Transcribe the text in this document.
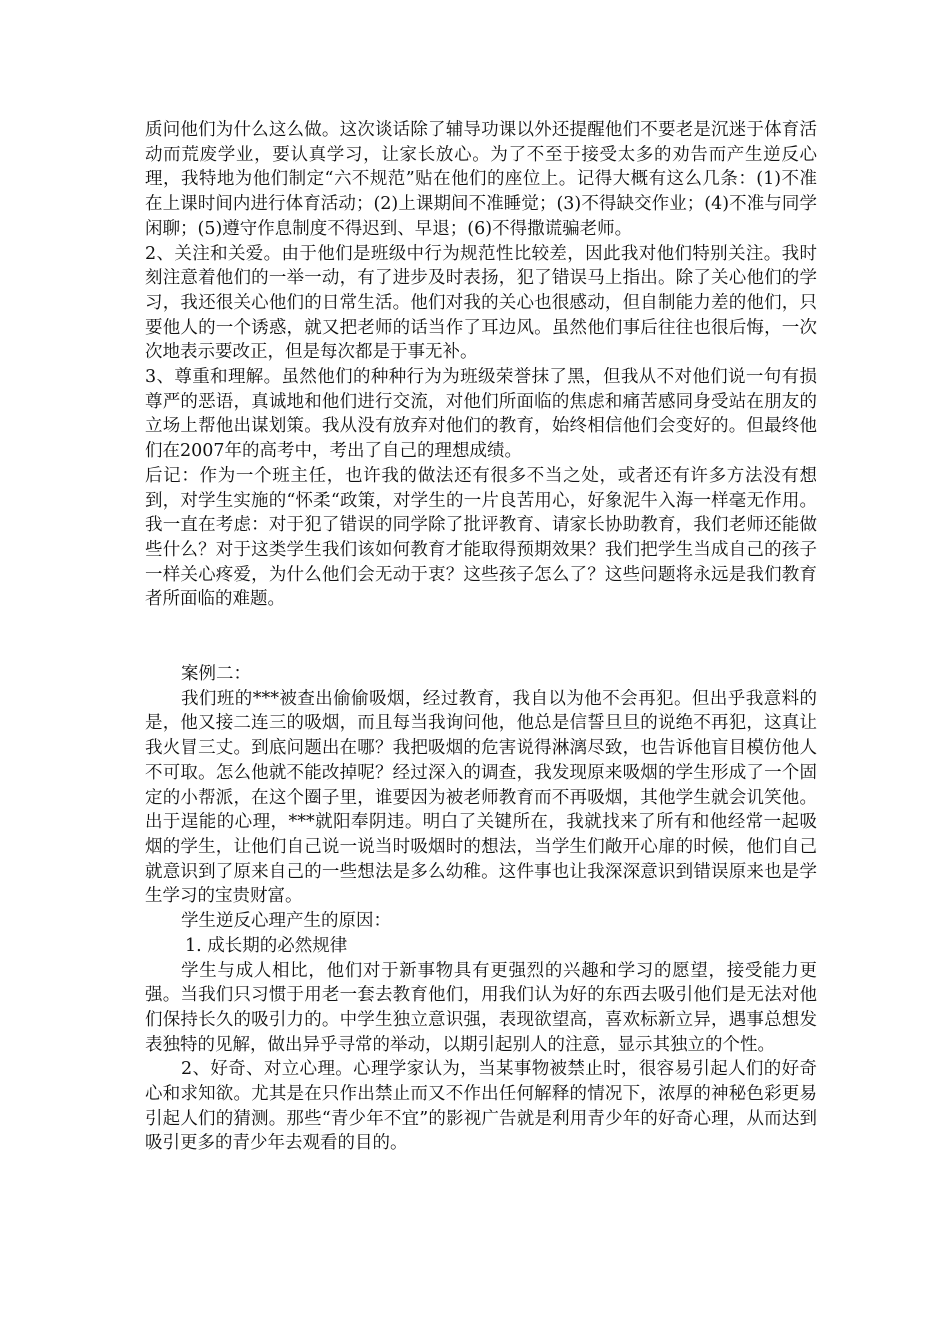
质问他们为什么这么做。这次谈话除了辅导功课以外还提醒他们不要老是沉迷于体育活动而荒废学业，要认真学习，让家长放心。为了不至于接受太多的劝告而产生逆反心理，我特地为他们制定“六不规范”贴在他们的座位上。记得大概有这么几条：(1)不准在上课时间内进行体育活动；(2)上课期间不准睡觉；(3)不得缺交作业；(4)不准与同学闲聊；(5)遵守作息制度不得迟到、早退；(6)不得撒谎骗老师。

2、关注和关爱。由于他们是班级中行为规范性比较差，因此我对他们特别关注。我时刻注意着他们的一举一动，有了进步及时表扬，犯了错误马上指出。除了关心他们的学习，我还很关心他们的日常生活。他们对我的关心也很感动，但自制能力差的他们，只要他人的一个诱惑，就又把老师的话当作了耳边风。虽然他们事后往往也很后悔，一次次地表示要改正，但是每次都是于事无补。

3、尊重和理解。虽然他们的种种行为为班级荣誉抹了黑，但我从不对他们说一句有损尊严的恶语，真诚地和他们进行交流，对他们所面临的焦虑和痛苦感同身受站在朋友的立场上帮他出谋划策。我从没有放弃对他们的教育，始终相信他们会变好的。但最终他们在2007年的高考中，考出了自己的理想成绩。

后记：作为一个班主任，也许我的做法还有很多不当之处，或者还有许多方法没有想到，对学生实施的“怀柔“政策，对学生的一片良苦用心，好象泥牛入海一样毫无作用。我一直在考虑：对于犯了错误的同学除了批评教育、请家长协助教育，我们老师还能做些什么？对于这类学生我们该如何教育才能取得预期效果？我们把学生当成自己的孩子一样关心疼爱，为什么他们会无动于衷？这些孩子怎么了？这些问题将永远是我们教育者所面临的难题。

案例二：

我们班的***被查出偷偷吸烟，经过教育，我自以为他不会再犯。但出乎我意料的是，他又接二连三的吸烟，而且每当我询问他，他总是信誓旦旦的说绝不再犯，这真让我火冒三丈。到底问题出在哪？我把吸烟的危害说得淋漓尽致，也告诉他盲目模仿他人不可取。怎么他就不能改掉呢？经过深入的调查，我发现原来吸烟的学生形成了一个固定的小帮派，在这个圈子里，谁要因为被老师教育而不再吸烟，其他学生就会讥笑他。出于逞能的心理，***就阳奉阴违。明白了关键所在，我就找来了所有和他经常一起吸烟的学生，让他们自己说一说当时吸烟时的想法，当学生们敞开心扉的时候，他们自己就意识到了原来自己的一些想法是多么幼稚。这件事也让我深深意识到错误原来也是学生学习的宝贵财富。

学生逆反心理产生的原因：

1. 成长期的必然规律

学生与成人相比，他们对于新事物具有更强烈的兴趣和学习的愿望，接受能力更强。当我们只习惯于用老一套去教育他们，用我们认为好的东西去吸引他们是无法对他们保持长久的吸引力的。中学生独立意识强，表现欲望高，喜欢标新立异，遇事总想发表独特的见解，做出异乎寻常的举动，以期引起别人的注意，显示其独立的个性。

2、好奇、对立心理。心理学家认为，当某事物被禁止时，很容易引起人们的好奇心和求知欲。尤其是在只作出禁止而又不作出任何解释的情况下，浓厚的神秘色彩更易引起人们的猜测。那些“青少年不宜”的影视广告就是利用青少年的好奇心理，从而达到吸引更多的青少年去观看的目的。
